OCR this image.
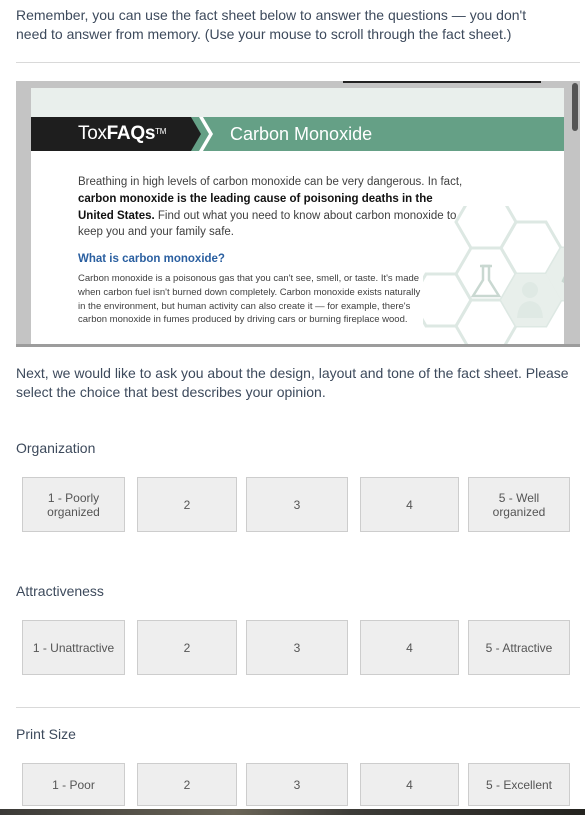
Remember, you can use the fact sheet below to answer the questions — you don't need to answer from memory. (Use your mouse to scroll through the fact sheet.)
ToxFAQs™	Carbon Monoxide
Breathing in high levels of carbon monoxide can be very dangerous. In fact, carbon monoxide is the leading cause of poisoning deaths in the United States. Find out what you need to know about carbon monoxide to keep you and your family safe.
What is carbon monoxide?
Carbon monoxide is a poisonous gas that you can't see, smell, or taste. It's made when carbon fuel isn't burned down completely. Carbon monoxide exists naturally in the environment, but human activity can also create it — for example, there's carbon monoxide in fumes produced by driving cars or burning fireplace wood.
Next, we would like to ask you about the design, layout and tone of the fact sheet. Please select the choice that best describes your opinion.
Organization
1 - Poorly organized	2	3	4	5 - Well organized
Attractiveness
1 - Unattractive	2	3	4	5 - Attractive
Print Size
1 - Poor	2	3	4	5 - Excellent
